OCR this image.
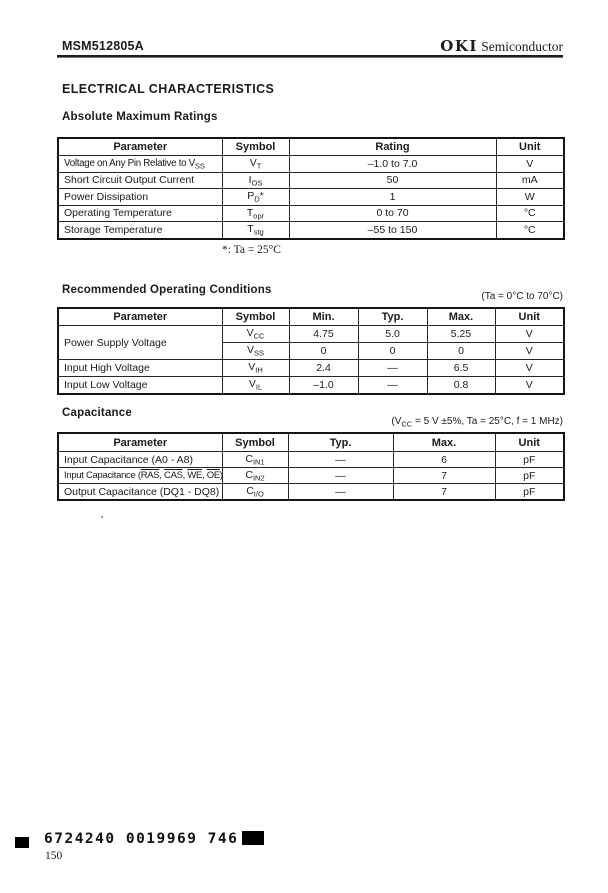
MSM512805A	OKI Semiconductor
ELECTRICAL CHARACTERISTICS
Absolute Maximum Ratings
Parameter	Symbol	Rating	Unit
Voltage on Any Pin Relative to $V_{SS}$	$V_T$	–1.0 to 7.0	V
Short Circuit Output Current	$I_{OS}$	50	mA
Power Dissipation	$P_D*$	1	W
Operating Temperature	$T_{opr}$	0 to 70	°C
Storage Temperature	$T_{stg}$	–55 to 150	°C
*: Ta = 25°C
Recommended Operating Conditions
(Ta = 0°C to 70°C)
Parameter	Symbol	Min.	Typ.	Max.	Unit
Power Supply Voltage	$V_{CC}$	4.75	5.0	5.25	V
	$V_{SS}$	0	0	0	V
Input High Voltage	$V_{IH}$	2.4	—	6.5	V
Input Low Voltage	$V_{IL}$	–1.0	—	0.8	V
Capacitance
($V_{CC} = 5$ V ±5%, Ta = 25°C, f = 1 MHz)
Parameter	Symbol	Typ.	Max.	Unit
Input Capacitance (A0 - A8)	$C_{IN1}$	—	6	pF
Input Capacitance ($\overline{RAS}$, $\overline{CAS}$, $\overline{WE}$, $\overline{OE}$)	$C_{IN2}$	—	7	pF
Output Capacitance (DQ1 - DQ8)	$C_{I/O}$	—	7	pF
6724240 0019969 746
150
